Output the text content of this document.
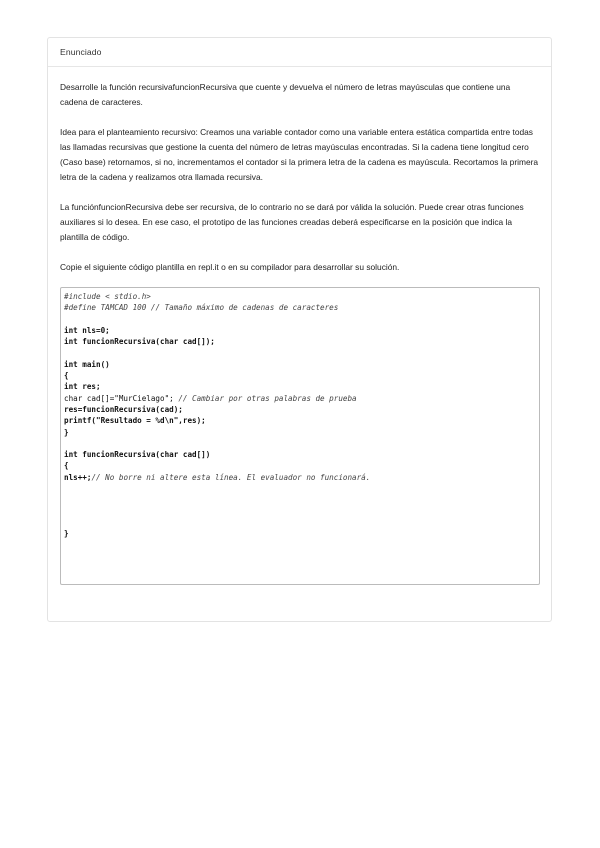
Enunciado

Desarrolle la función recursivafuncionRecursiva que cuente y devuelva el número de letras mayúsculas que contiene una cadena de caracteres.

Idea para el planteamiento recursivo: Creamos una variable contador como una variable entera estática compartida entre todas las llamadas recursivas que gestione la cuenta del número de letras mayúsculas encontradas. Si la cadena tiene longitud cero (Caso base) retornamos, si no, incrementamos el contador si la primera letra de la cadena es mayúscula. Recortamos la primera letra de la cadena y realizamos otra llamada recursiva.

La funciónfuncionRecursiva debe ser recursiva, de lo contrario no se dará por válida la solución. Puede crear otras funciones auxiliares si lo desea. En ese caso, el prototipo de las funciones creadas deberá especificarse en la posición que indica la plantilla de código.

Copie el siguiente código plantilla en repl.it o en su compilador para desarrollar su solución.

#include < stdio.h>
#define TAMCAD 100 // Tamaño máximo de cadenas de caracteres

int nls=0;
int funcionRecursiva(char cad[]);

int main()
{
int res;
char cad[]="MurCielago"; // Cambiar por otras palabras de prueba
res=funcionRecursiva(cad);
printf("Resultado = %d\n",res);
}

int funcionRecursiva(char cad[])
{
nls++;// No borre ni altere esta línea. El evaluador no funcionará.

}
